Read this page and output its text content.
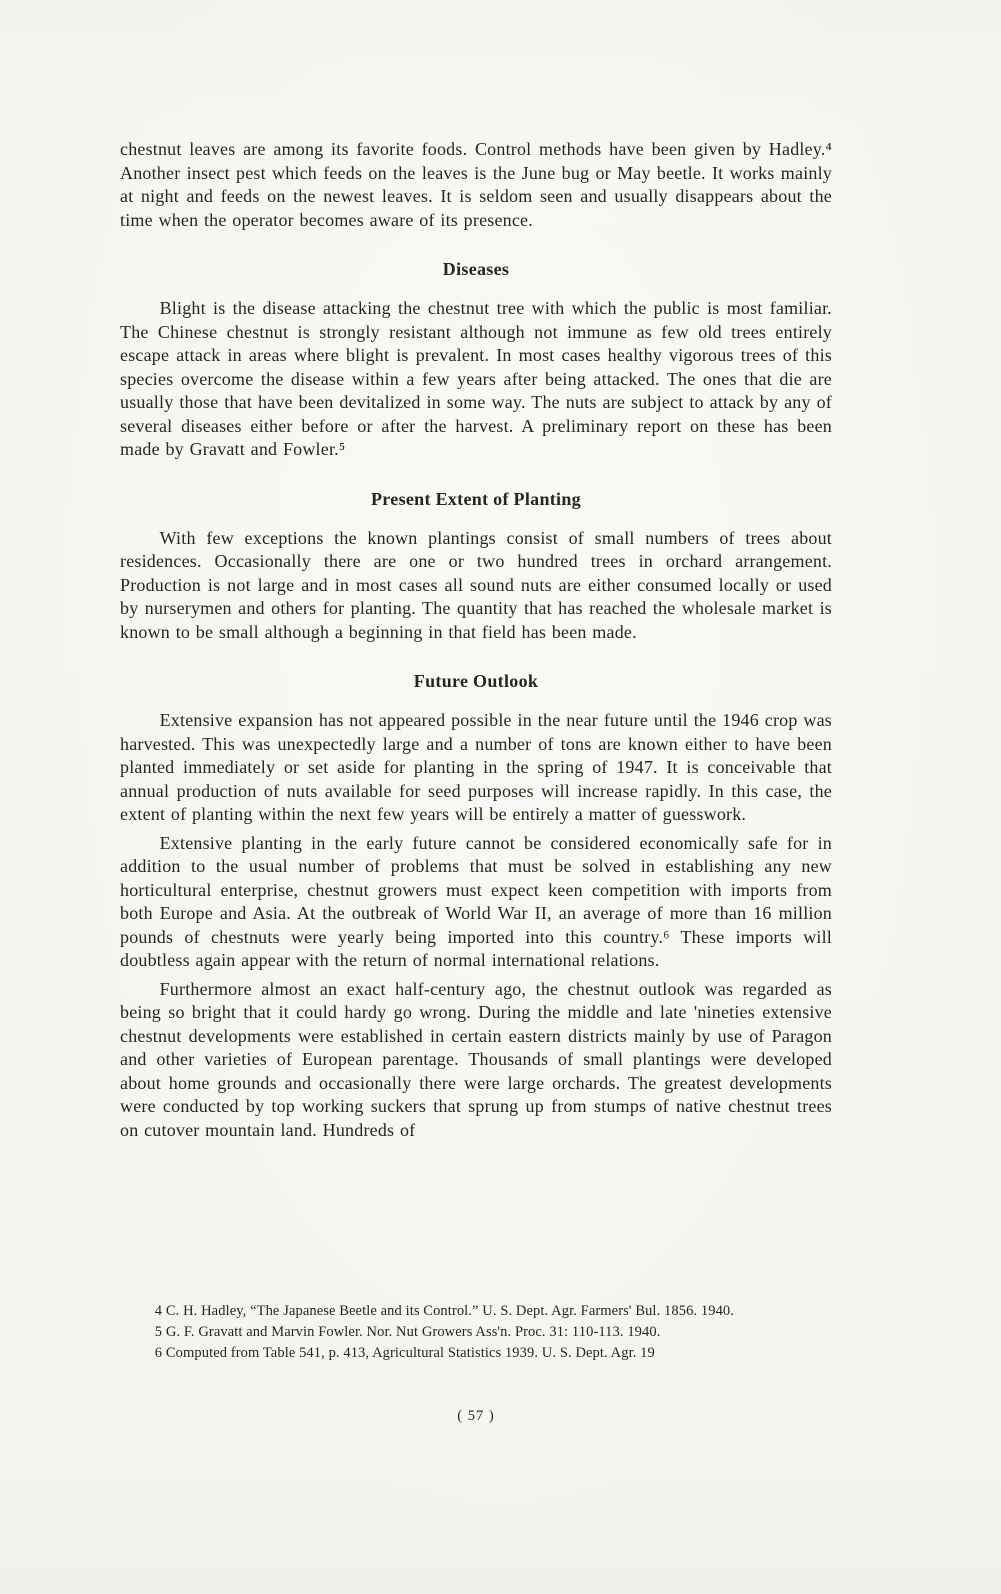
chestnut leaves are among its favorite foods. Control methods have been given by Hadley.⁴ Another insect pest which feeds on the leaves is the June bug or May beetle. It works mainly at night and feeds on the newest leaves. It is seldom seen and usually disappears about the time when the operator becomes aware of its presence.

Diseases

Blight is the disease attacking the chestnut tree with which the public is most familiar. The Chinese chestnut is strongly resistant although not immune as few old trees entirely escape attack in areas where blight is prevalent. In most cases healthy vigorous trees of this species overcome the disease within a few years after being attacked. The ones that die are usually those that have been devitalized in some way. The nuts are subject to attack by any of several diseases either before or after the harvest. A preliminary report on these has been made by Gravatt and Fowler.⁵

Present Extent of Planting

With few exceptions the known plantings consist of small numbers of trees about residences. Occasionally there are one or two hundred trees in orchard arrangement. Production is not large and in most cases all sound nuts are either consumed locally or used by nurserymen and others for planting. The quantity that has reached the wholesale market is known to be small although a beginning in that field has been made.

Future Outlook

Extensive expansion has not appeared possible in the near future until the 1946 crop was harvested. This was unexpectedly large and a number of tons are known either to have been planted immediately or set aside for planting in the spring of 1947. It is conceivable that annual production of nuts available for seed purposes will increase rapidly. In this case, the extent of planting within the next few years will be entirely a matter of guesswork.

Extensive planting in the early future cannot be considered economically safe for in addition to the usual number of problems that must be solved in establishing any new horticultural enterprise, chestnut growers must expect keen competition with imports from both Europe and Asia. At the outbreak of World War II, an average of more than 16 million pounds of chestnuts were yearly being imported into this country.⁶ These imports will doubtless again appear with the return of normal international relations.

Furthermore almost an exact half-century ago, the chestnut outlook was regarded as being so bright that it could hardy go wrong. During the middle and late 'nineties extensive chestnut developments were established in certain eastern districts mainly by use of Paragon and other varieties of European parentage. Thousands of small plantings were developed about home grounds and occasionally there were large orchards. The greatest developments were conducted by top working suckers that sprung up from stumps of native chestnut trees on cutover mountain land. Hundreds of

4 C. H. Hadley, “The Japanese Beetle and its Control.” U. S. Dept. Agr. Farmers' Bul. 1856. 1940.

5 G. F. Gravatt and Marvin Fowler. Nor. Nut Growers Ass'n. Proc. 31: 110-113. 1940.

6 Computed from Table 541, p. 413, Agricultural Statistics 1939. U. S. Dept. Agr. 19

( 57 )
